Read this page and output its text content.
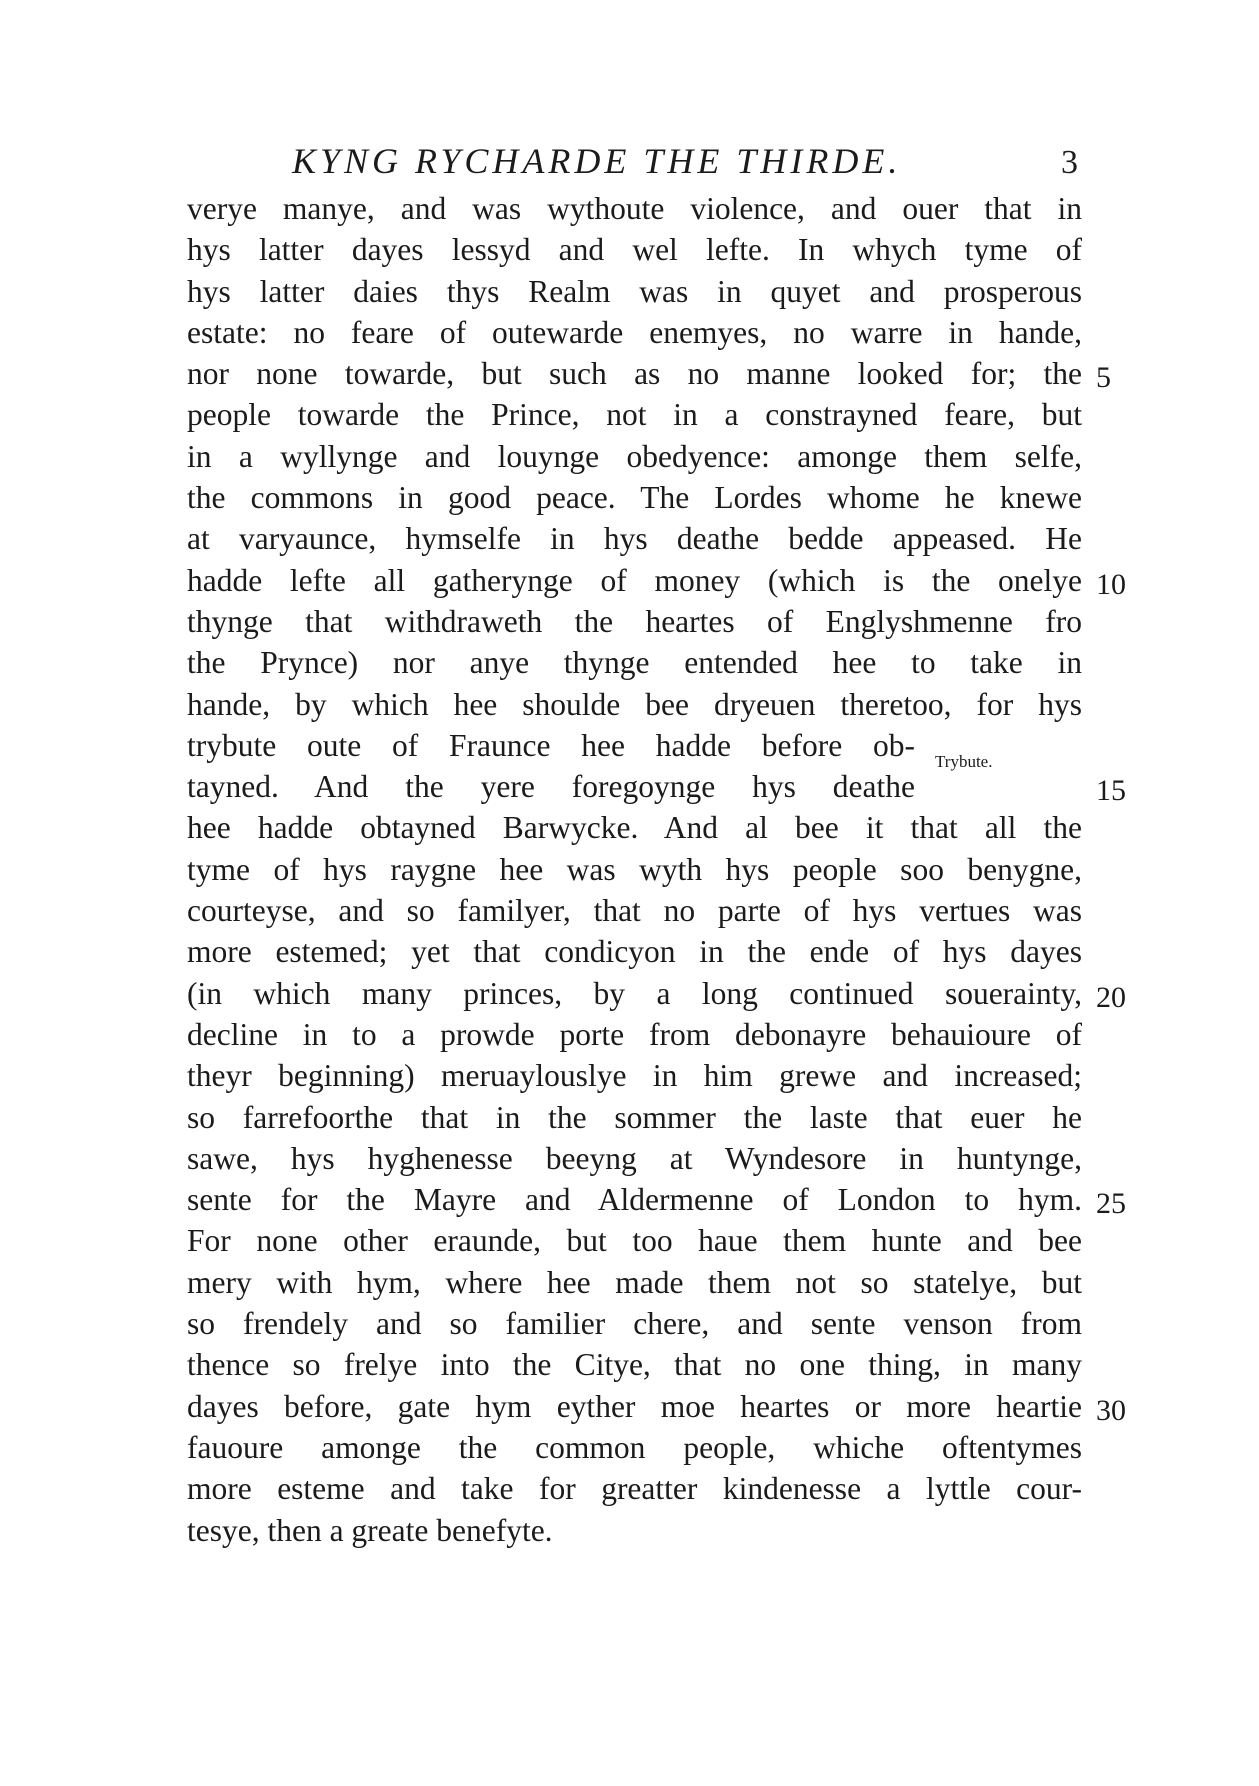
KYNG RYCHARDE THE THIRDE.	3
verye manye, and was wythoute violence, and ouer that in
hys latter dayes lessyd and wel lefte. In whych tyme of
hys latter daies thys Realm was in quyet and prosperous
estate: no feare of outewarde enemyes, no warre in hande,
nor none towarde, but such as no manne looked for; the
people towarde the Prince, not in a constrayned feare, but
in a wyllynge and louynge obedyence: amonge them selfe,
the commons in good peace. The Lordes whome he knewe
at varyaunce, hymselfe in hys deathe bedde appeased. He
hadde lefte all gatherynge of money (which is the onelye
thynge that withdraweth the heartes of Englyshmenne fro
the Prynce) nor anye thynge entended hee to take in
hande, by which hee shoulde bee dryeuen theretoo, for hys
trybute oute of Fraunce hee hadde before ob-
tayned. And the yere foregoynge hys deathe
hee hadde obtayned Barwycke. And al bee it that all the
tyme of hys raygne hee was wyth hys people soo benygne,
courteyse, and so familyer, that no parte of hys vertues was
more estemed; yet that condicyon in the ende of hys dayes
(in which many princes, by a long continued souerainty,
decline in to a prowde porte from debonayre behauioure of
theyr beginning) meruaylouslye in him grewe and increased;
so farrefoorthe that in the sommer the laste that euer he
sawe, hys hyghenesse beeyng at Wyndesore in huntynge,
sente for the Mayre and Aldermenne of London to hym.
For none other eraunde, but too haue them hunte and bee
mery with hym, where hee made them not so statelye, but
so frendely and so familier chere, and sente venson from
thence so frelye into the Citye, that no one thing, in many
dayes before, gate hym eyther moe heartes or more heartie
fauoure amonge the common people, whiche oftentymes
more esteme and take for greatter kindenesse a lyttle cour-
tesye, then a greate benefyte.
Trybute.
5
10
15
20
25
30
